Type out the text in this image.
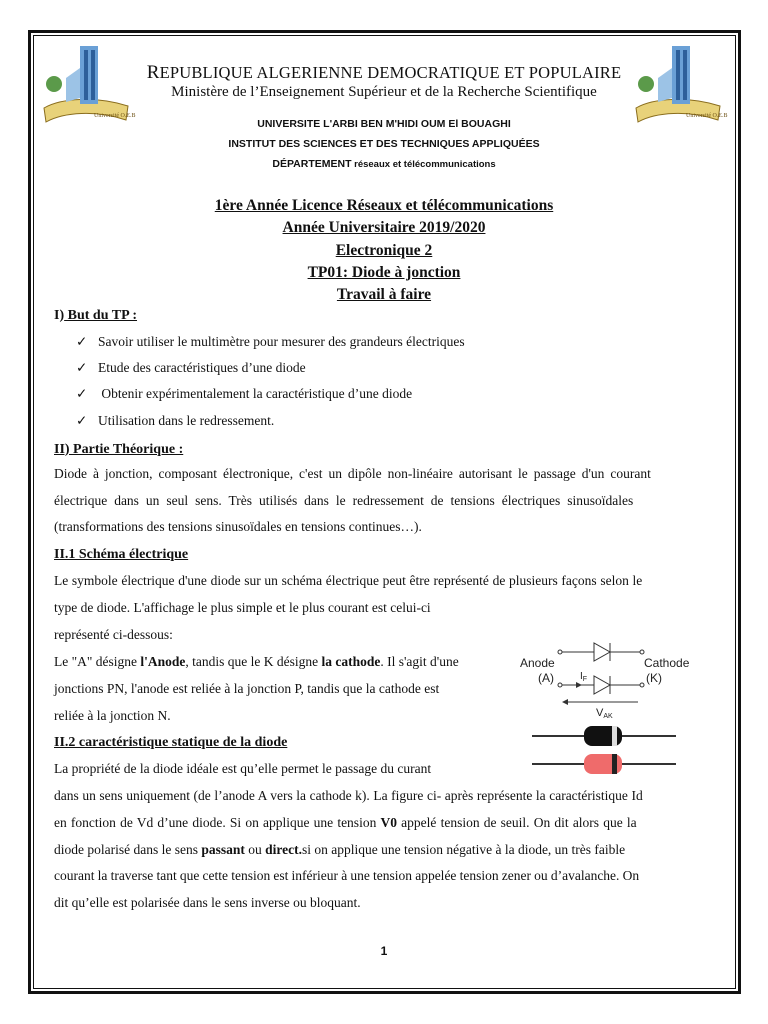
Université O.E.B	Université O.E.B
REPUBLIQUE ALGERIENNE DEMOCRATIQUE ET POPULAIRE
Ministère de l’Enseignement Supérieur et de la Recherche Scientifique
UNIVERSITE L'ARBI BEN M'HIDI OUM El BOUAGHI
INSTITUT DES SCIENCES ET DES TECHNIQUES APPLIQUÉES
DÉPARTEMENT réseaux et télécommunications
1ère Année Licence Réseaux et télécommunications
Année Universitaire 2019/2020
Electronique 2
TP01: Diode à jonction
Travail à faire
I) But du TP :
✓ Savoir utiliser le multimètre pour mesurer des grandeurs électriques
✓ Etude des caractéristiques d’une diode
✓ Obtenir expérimentalement la caractéristique d’une diode
✓ Utilisation dans le redressement.
II) Partie Théorique :
Diode à jonction, composant électronique, c'est un dipôle non-linéaire autorisant le passage d'un courant
électrique dans un seul sens. Très utilisés dans le redressement de tensions électriques sinusoïdales
(transformations des tensions sinusoïdales en tensions continues…).
II.1 Schéma électrique
Le symbole électrique d'une diode sur un schéma électrique peut être représenté de plusieurs façons selon le
type de diode. L'affichage le plus simple et le plus courant est celui-ci
représenté ci-dessous:
Le "A" désigne l'Anode, tandis que le K désigne la cathode. Il s'agit d'une
jonctions PN, l'anode est reliée à la jonction P, tandis que la cathode est
reliée à la jonction N.
II.2 caractéristique statique de la diode
La propriété de la diode idéale est qu’elle permet le passage du curant
dans un sens uniquement (de l’anode A vers la cathode k). La figure ci- après représente la caractéristique Id
en fonction de Vd d’une diode. Si on applique une tension V0 appelé tension de seuil. On dit alors que la
diode polarisé dans le sens passant ou direct.si on applique une tension négative à la diode, un très faible
courant la traverse tant que cette tension est inférieur à une tension appelée tension zener ou d’avalanche. On
dit qu’elle est polarisée dans le sens inverse ou bloquant.
Anode
(A)
Cathode
(K)
$I_F$
VAK
1
